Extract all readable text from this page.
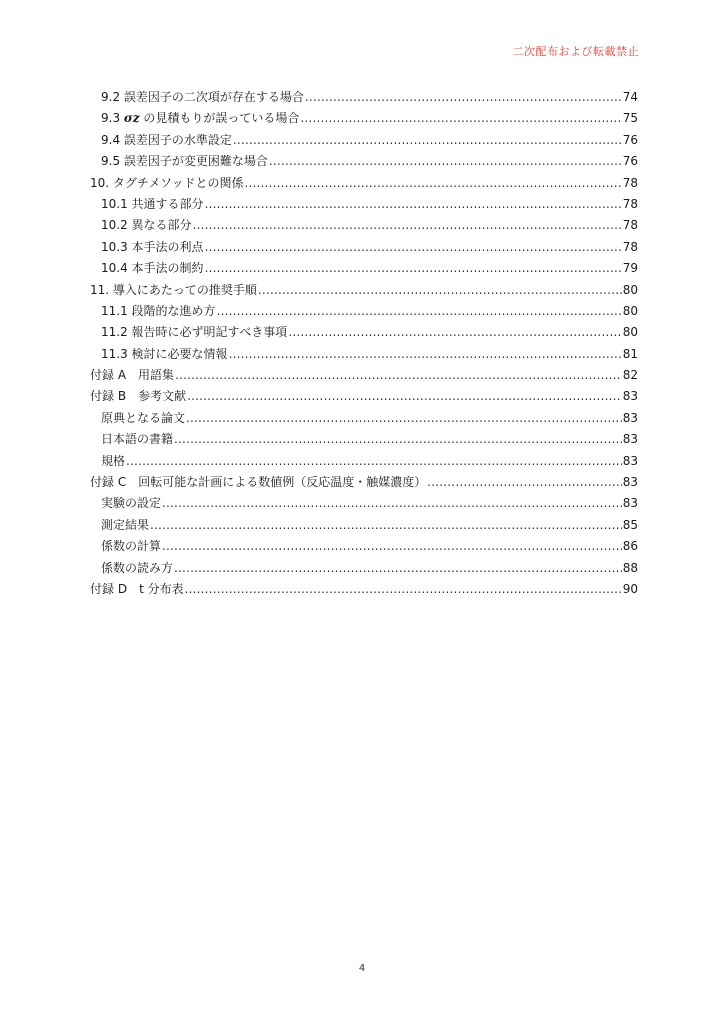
二次配布および転載禁止
9.2 誤差因子の二次項が存在する場合 .....	74
9.3 σz の見積もりが誤っている場合 .....	75
9.4 誤差因子の水準設定 .....	76
9.5 誤差因子が変更困難な場合 .....	76
10. タグチメソッドとの関係 .....	78
10.1 共通する部分 .....	78
10.2 異なる部分 .....	78
10.3 本手法の利点 .....	78
10.4 本手法の制約 .....	79
11. 導入にあたっての推奨手順 .....	80
11.1 段階的な進め方 .....	80
11.2 報告時に必ず明記すべき事項 .....	80
11.3 検討に必要な情報 .....	81
付録 A　用語集 .....	82
付録 B　参考文献 .....	83
原典となる論文 .....	83
日本語の書籍 .....	83
規格 .....	83
付録 C　回転可能な計画による数値例（反応温度・触媒濃度） .....	83
実験の設定 .....	83
測定結果 .....	85
係数の計算 .....	86
係数の読み方 .....	88
付録 D　t 分布表 .....	90
4
